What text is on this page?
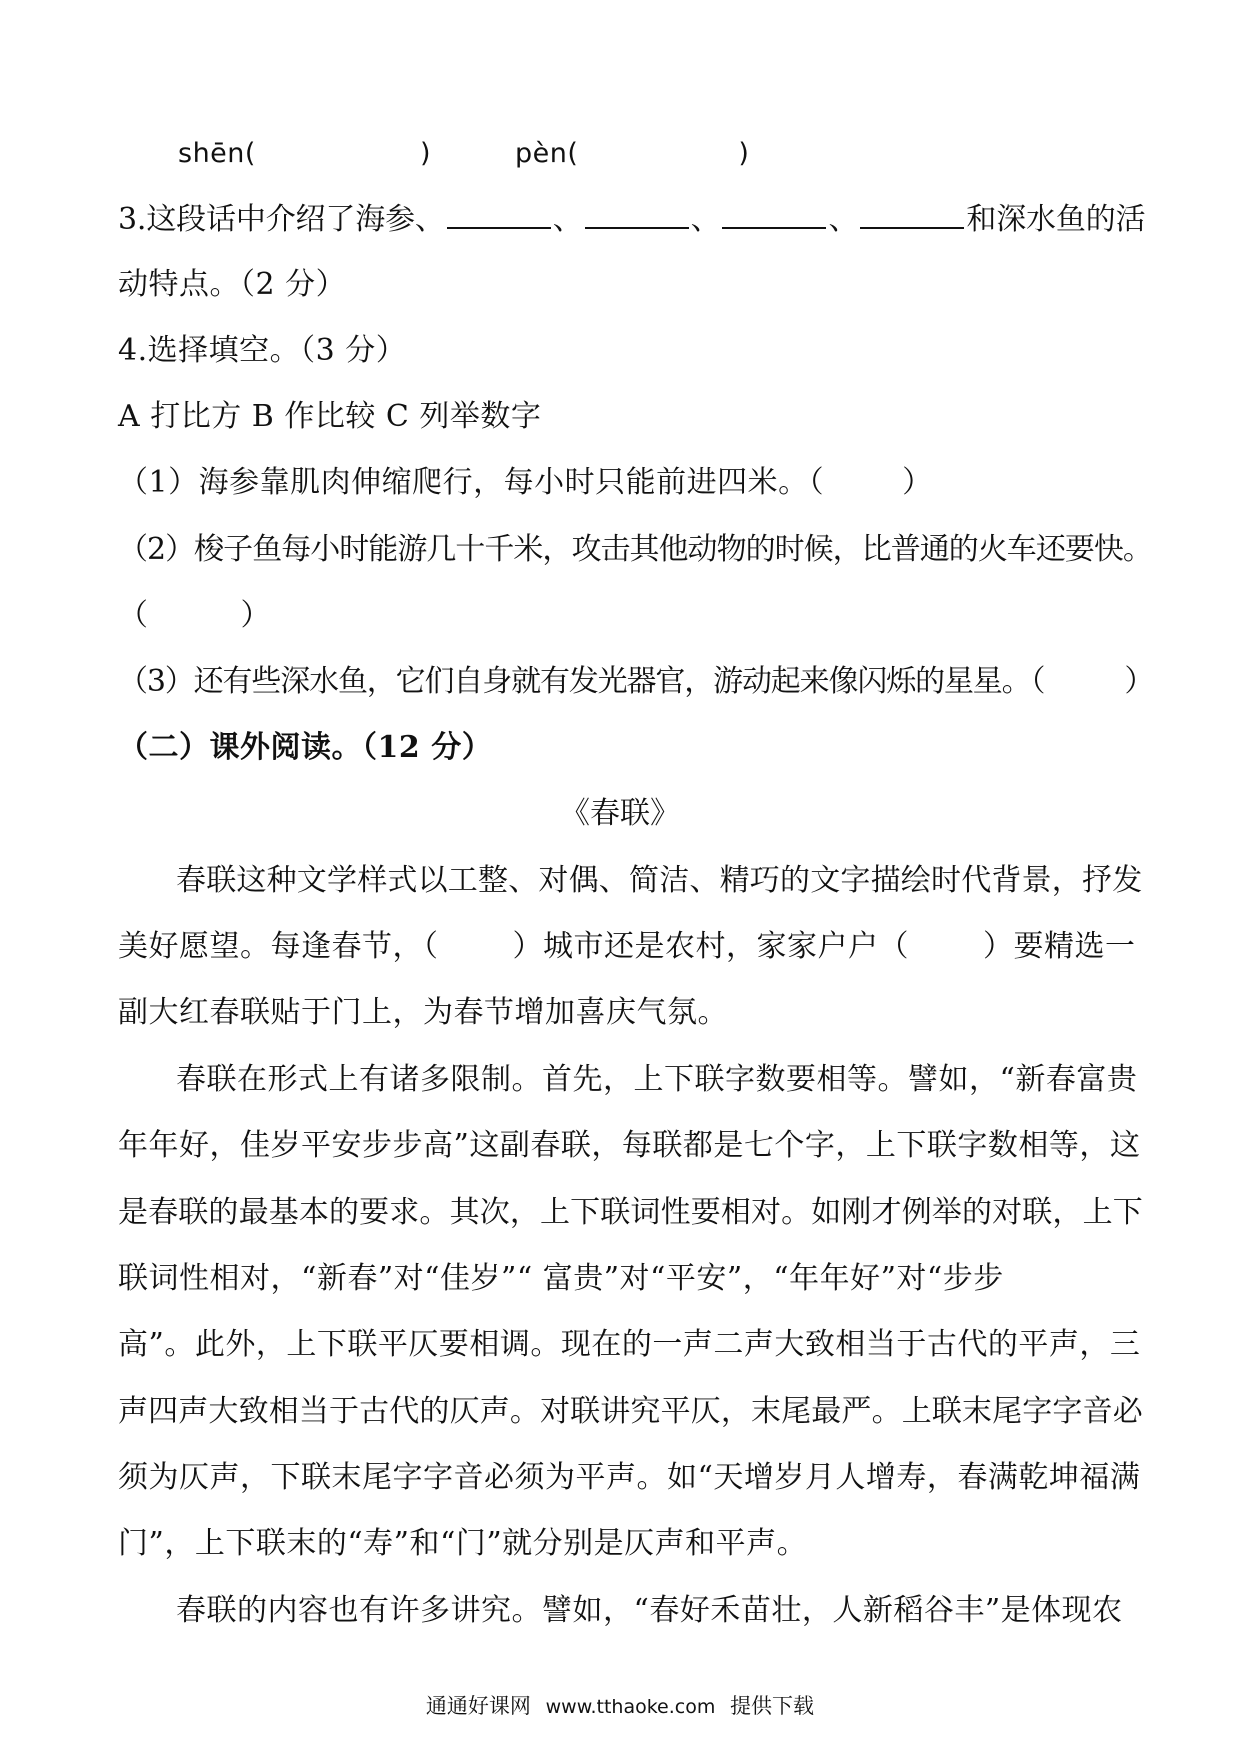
shēn(	)	pèn(	)
3.这段话中介绍了海参、	、	、	、	和深水鱼的活
动特点。（2 分）
4.选择填空。（3 分）
A 打比方 B 作比较 C 列举数字
（1）海参靠肌肉伸缩爬行，每小时只能前进四米。（	）
（2）梭子鱼每小时能游几十千米，攻击其他动物的时候，比普通的火车还要快。
（	）
（3）还有些深水鱼，它们自身就有发光器官，游动起来像闪烁的星星。（	）
（二）课外阅读。（12 分）
《春联》
春联这种文学样式以工整、对偶、简洁、精巧的文字描绘时代背景，抒发
美好愿望。每逢春节，（ ）城市还是农村，家家户户（ ）要精选一
副大红春联贴于门上，为春节增加喜庆气氛。
春联在形式上有诸多限制。首先，上下联字数要相等。譬如，“新春富贵
年年好，佳岁平安步步高”这副春联，每联都是七个字，上下联字数相等，这
是春联的最基本的要求。其次，上下联词性要相对。如刚才例举的对联，上下
联词性相对，“新春”对“佳岁”“ 富贵”对“平安”，“年年好”对“步步
高”。此外，上下联平仄要相调。现在的一声二声大致相当于古代的平声，三
声四声大致相当于古代的仄声。对联讲究平仄，末尾最严。上联末尾字字音必
须为仄声，下联末尾字字音必须为平声。如“天增岁月人增寿，春满乾坤福满
门”，上下联末的“寿”和“门”就分别是仄声和平声。
春联的内容也有许多讲究。譬如，“春好禾苗壮，人新稻谷丰”是体现农
通通好课网 www.tthaoke.com 提供下载
